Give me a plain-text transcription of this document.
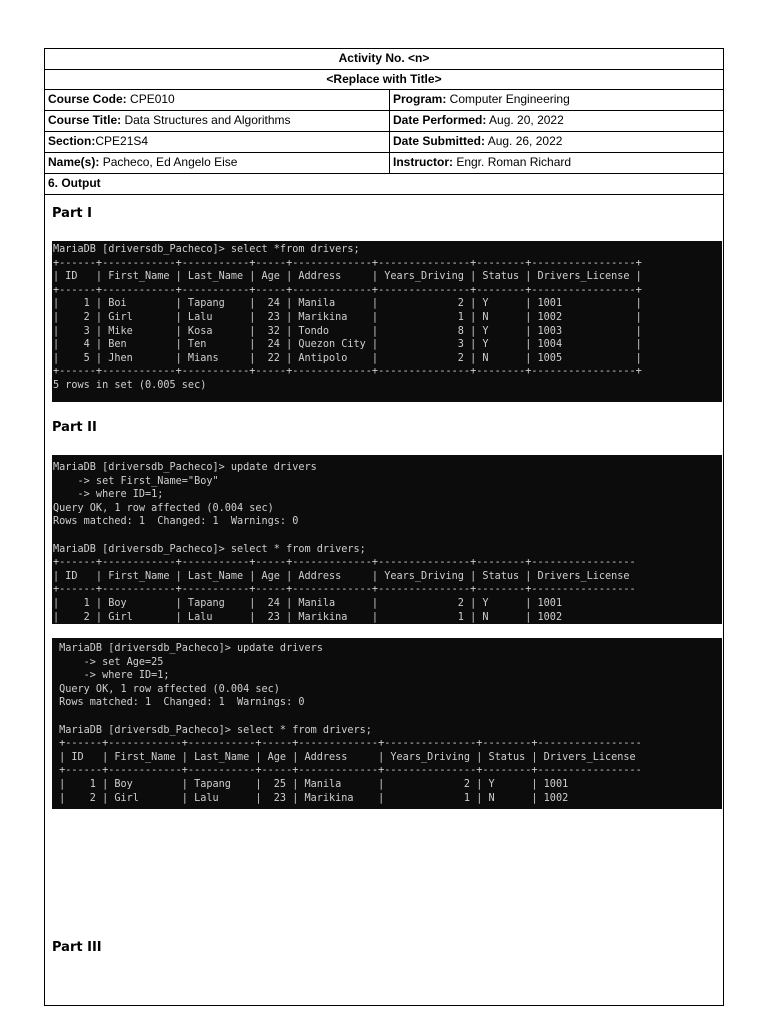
Activity No. <n>
<Replace with Title>
Course Code: CPE010	Program: Computer Engineering
Course Title: Data Structures and Algorithms	Date Performed: Aug. 20, 2022
Section:CPE21S4	Date Submitted: Aug. 26, 2022
Name(s): Pacheco, Ed Angelo Eise	Instructor: Engr. Roman Richard
6. Output
Part I
Part II
Part III
MariaDB [driversdb_Pacheco]> select *from drivers;
+------+------------+-----------+-----+-------------+---------------+--------+-----------------+
| ID   | First_Name | Last_Name | Age | Address     | Years_Driving | Status | Drivers_License |
+------+------------+-----------+-----+-------------+---------------+--------+-----------------+
|    1 | Boi        | Tapang    |  24 | Manila      |             2 | Y      | 1001            |
|    2 | Girl       | Lalu      |  23 | Marikina    |             1 | N      | 1002            |
|    3 | Mike       | Kosa      |  32 | Tondo       |             8 | Y      | 1003            |
|    4 | Ben        | Ten       |  24 | Quezon City |             3 | Y      | 1004            |
|    5 | Jhen       | Mians     |  22 | Antipolo    |             2 | N      | 1005            |
+------+------------+-----------+-----+-------------+---------------+--------+-----------------+
5 rows in set (0.005 sec)
MariaDB [driversdb_Pacheco]> update drivers
-> set First_Name="Boy"
-> where ID=1;
Query OK, 1 row affected (0.004 sec)
Rows matched: 1  Changed: 1  Warnings: 0

MariaDB [driversdb_Pacheco]> select * from drivers;
+------+------------+-----------+-----+-------------+---------------+--------+-----------------
| ID   | First_Name | Last_Name | Age | Address     | Years_Driving | Status | Drivers_License
+------+------------+-----------+-----+-------------+---------------+--------+-----------------
|    1 | Boy        | Tapang    |  24 | Manila      |             2 | Y      | 1001
|    2 | Girl       | Lalu      |  23 | Marikina    |             1 | N      | 1002
MariaDB [driversdb_Pacheco]> update drivers
-> set Age=25
-> where ID=1;
Query OK, 1 row affected (0.004 sec)
Rows matched: 1  Changed: 1  Warnings: 0

MariaDB [driversdb_Pacheco]> select * from drivers;
+------+------------+-----------+-----+-------------+---------------+--------+-----------------
| ID   | First_Name | Last_Name | Age | Address     | Years_Driving | Status | Drivers_License
+------+------------+-----------+-----+-------------+---------------+--------+-----------------
|    1 | Boy        | Tapang    |  25 | Manila      |             2 | Y      | 1001
|    2 | Girl       | Lalu      |  23 | Marikina    |             1 | N      | 1002
